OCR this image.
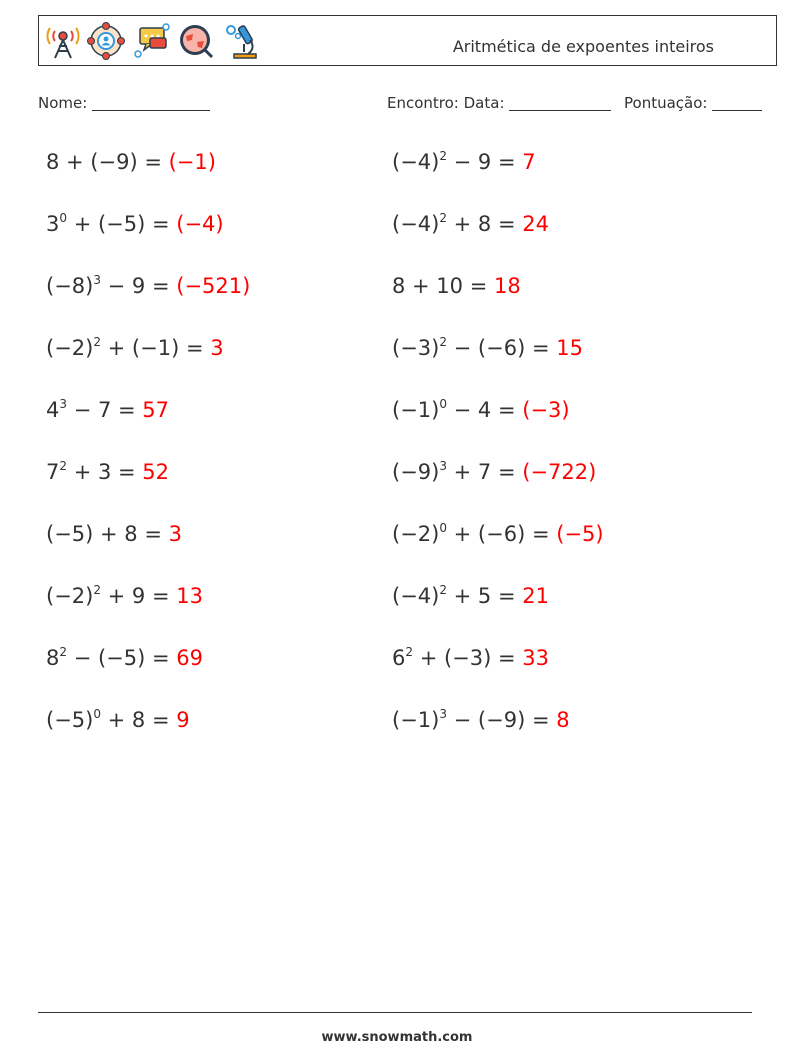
Aritmética de expoentes inteiros
Nome:	Encontro: Data:	Pontuação:
8 + (−9) = (−1)
$3^0 + (-5) = (-4)$
$(-8)^3 - 9 = (-521)$
$(-2)^2 + (-1) = 3$
$4^3 - 7 = 57$
$7^2 + 3 = 52$
(−5) + 8 = 3
$(-2)^2 + 9 = 13$
$8^2 - (-5) = 69$
$(-5)^0 + 8 = 9$
$(-4)^2 - 9 = 7$
$(-4)^2 + 8 = 24$
8 + 10 = 18
$(-3)^2 - (-6) = 15$
$(-1)^0 - 4 = (-3)$
$(-9)^3 + 7 = (-722)$
$(-2)^0 + (-6) = (-5)$
$(-4)^2 + 5 = 21$
$6^2 + (-3) = 33$
$(-1)^3 - (-9) = 8$
www.snowmath.com
